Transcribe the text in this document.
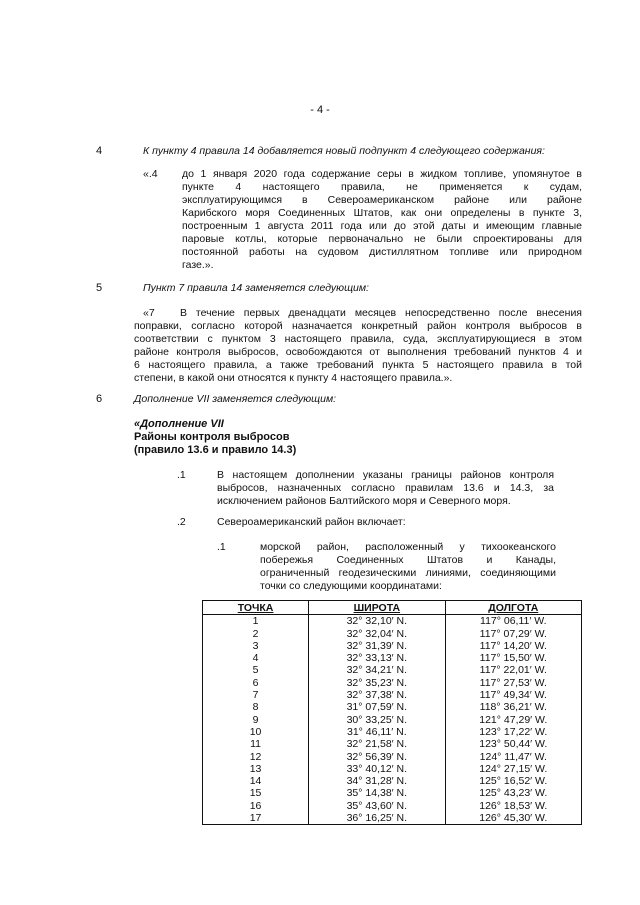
- 4 -
4	К пункту 4 правила 14 добавляется новый подпункт 4 следующего содержания:
«.4 до 1 января 2020 года содержание серы в жидком топливе, упомянутое в
пункте 4 настоящего правила, не применяется к судам,
эксплуатирующимся в Североамериканском районе или районе
Карибского моря Соединенных Штатов, как они определены в пункте 3,
построенным 1 августа 2011 года или до этой даты и имеющим главные
паровые котлы, которые первоначально не были спроектированы для
постоянной работы на судовом дистиллятном топливе или природном
газе.».
5	Пункт 7 правила 14 заменяется следующим:
«7 В течение первых двенадцати месяцев непосредственно после внесения
поправки, согласно которой назначается конкретный район контроля выбросов в
соответствии с пунктом 3 настоящего правила, суда, эксплуатирующиеся в этом
районе контроля выбросов, освобождаются от выполнения требований пунктов 4 и
6 настоящего правила, а также требований пункта 5 настоящего правила в той
степени, в какой они относятся к пункту 4 настоящего правила.».
6	Дополнение VII заменяется следующим:
«Дополнение VII
Районы контроля выбросов
(правило 13.6 и правило 14.3)
.1	В настоящем дополнении указаны границы районов контроля
выбросов, назначенных согласно правилам 13.6 и 14.3, за
исключением районов Балтийского моря и Северного моря.
.2	Североамериканский район включает:
.1	морской район, расположенный у тихоокеанского
побережья Соединенных Штатов и Канады,
ограниченный геодезическими линиями, соединяющими
точки со следующими координатами:
ТОЧКА	ШИРОТА	ДОЛГОТА
1	32° 32,10′ N.	117° 06,11′ W.
2	32° 32,04′ N.	117° 07,29′ W.
3	32° 31,39′ N.	117° 14,20′ W.
4	32° 33,13′ N.	117° 15,50′ W.
5	32° 34,21′ N.	117° 22,01′ W.
6	32° 35,23′ N.	117° 27,53′ W.
7	32° 37,38′ N.	117° 49,34′ W.
8	31° 07,59′ N.	118° 36,21′ W.
9	30° 33,25′ N.	121° 47,29′ W.
10	31° 46,11′ N.	123° 17,22′ W.
11	32° 21,58′ N.	123° 50,44′ W.
12	32° 56,39′ N.	124° 11,47′ W.
13	33° 40,12′ N.	124° 27,15′ W.
14	34° 31,28′ N.	125° 16,52′ W.
15	35° 14,38′ N.	125° 43,23′ W.
16	35° 43,60′ N.	126° 18,53′ W.
17	36° 16,25′ N.	126° 45,30′ W.
